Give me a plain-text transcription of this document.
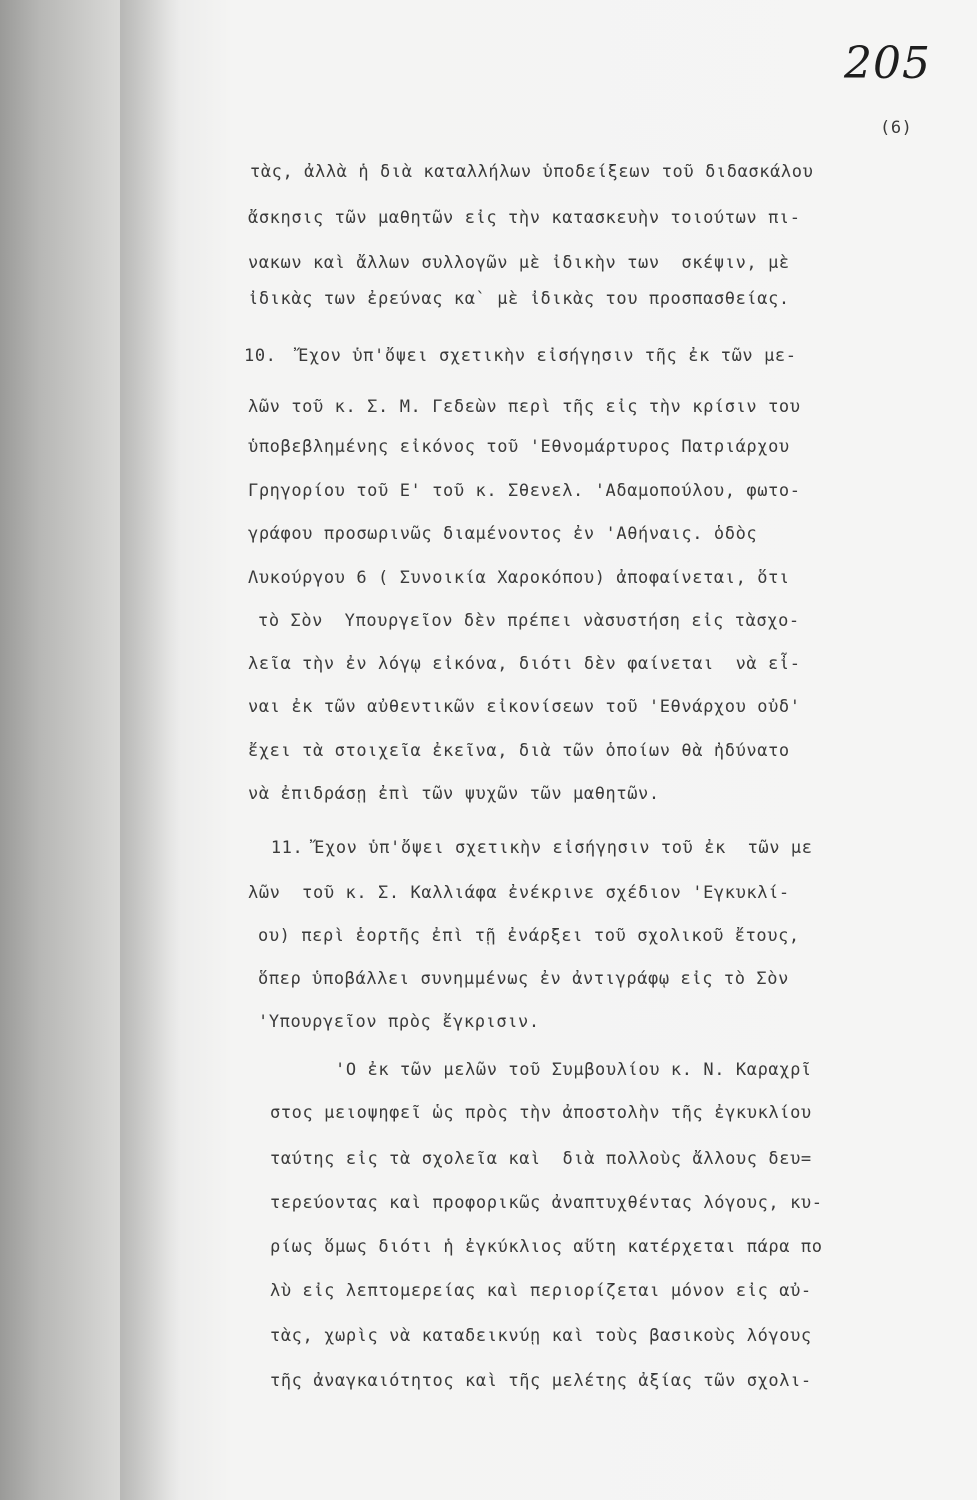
205
(6)
τὰς, ἀλλὰ ἡ διὰ καταλλήλων ὑποδείξεων τοῦ διδασκάλου
ἄσκησις τῶν μαθητῶν εἰς τὴν κατασκευὴν τοιούτων πι-
νακων καὶ ἄλλων συλλογῶν μὲ ἰδικὴν των  σκέψιν, μὲ
ἰδικὰς των ἐρεύνας κα` μὲ ἰδικὰς του προσπασθείας.
10.  Ἔχον ὑπ'ὄψει σχετικὴν εἰσήγησιν τῆς ἐκ τῶν με-
λῶν τοῦ κ. Σ. Μ. Γεδεὼν περὶ τῆς εἰς τὴν κρίσιν του
ὑποβεβλημένης εἰκόνος τοῦ 'Εθνομάρτυρος Πατριάρχου
Γρηγορίου τοῦ Ε' τοῦ κ. Σθενελ. 'Αδαμοπούλου, φωτο-
γράφου προσωρινῶς διαμένοντος ἐν 'Αθήναις. ὁδὸς
Λυκούργου 6 ( Συνοικία Χαροκόπου) ἀποφαίνεται, ὅτι
τὸ Σὸν  Υπουργεῖον δὲν πρέπει νὰσυστήση εἰς τὰσχο-
λεῖα τὴν ἐν λόγῳ εἰκόνα, διότι δὲν φαίνεται  νὰ εἶ-
ναι ἐκ τῶν αὐθεντικῶν εἰκονίσεων τοῦ 'Εθνάρχου οὐδ'
ἔχει τὰ στοιχεῖα ἐκεῖνα, διὰ τῶν ὁποίων θὰ ἠδύνατο
νὰ ἐπιδράσῃ ἐπὶ τῶν ψυχῶν τῶν μαθητῶν.
11. Ἔχον ὑπ'ὄψει σχετικὴν εἰσήγησιν τοῦ ἐκ  τῶν με
λῶν  τοῦ κ. Σ. Καλλιάφα ἐνέκρινε σχέδιον 'Εγκυκλί-
ου) περὶ ἑορτῆς ἐπὶ τῇ ἐνάρξει τοῦ σχολικοῦ ἔτους,
ὅπερ ὑποβάλλει συνημμένως ἐν ἀντιγράφῳ εἰς τὸ Σὸν
'Υπουργεῖον πρὸς ἔγκρισιν.
'Ο ἐκ τῶν μελῶν τοῦ Συμβουλίου κ. Ν. Καραχρῖ
στος μειοψηφεῖ ὡς πρὸς τὴν ἀποστολὴν τῆς ἐγκυκλίου
ταύτης εἰς τὰ σχολεῖα καὶ  διὰ πολλοὺς ἄλλους δευ=
τερεύοντας καὶ προφορικῶς ἀναπτυχθέντας λόγους, κυ-
ρίως ὅμως διότι ἡ ἐγκύκλιος αὕτη κατέρχεται πάρα πο
λὺ εἰς λεπτομερείας καὶ περιορίζεται μόνον εἰς αὐ-
τὰς, χωρὶς νὰ καταδεικνύῃ καὶ τοὺς βασικοὺς λόγους
τῆς ἀναγκαιότητος καὶ τῆς μελέτης ἀξίας τῶν σχολι-
